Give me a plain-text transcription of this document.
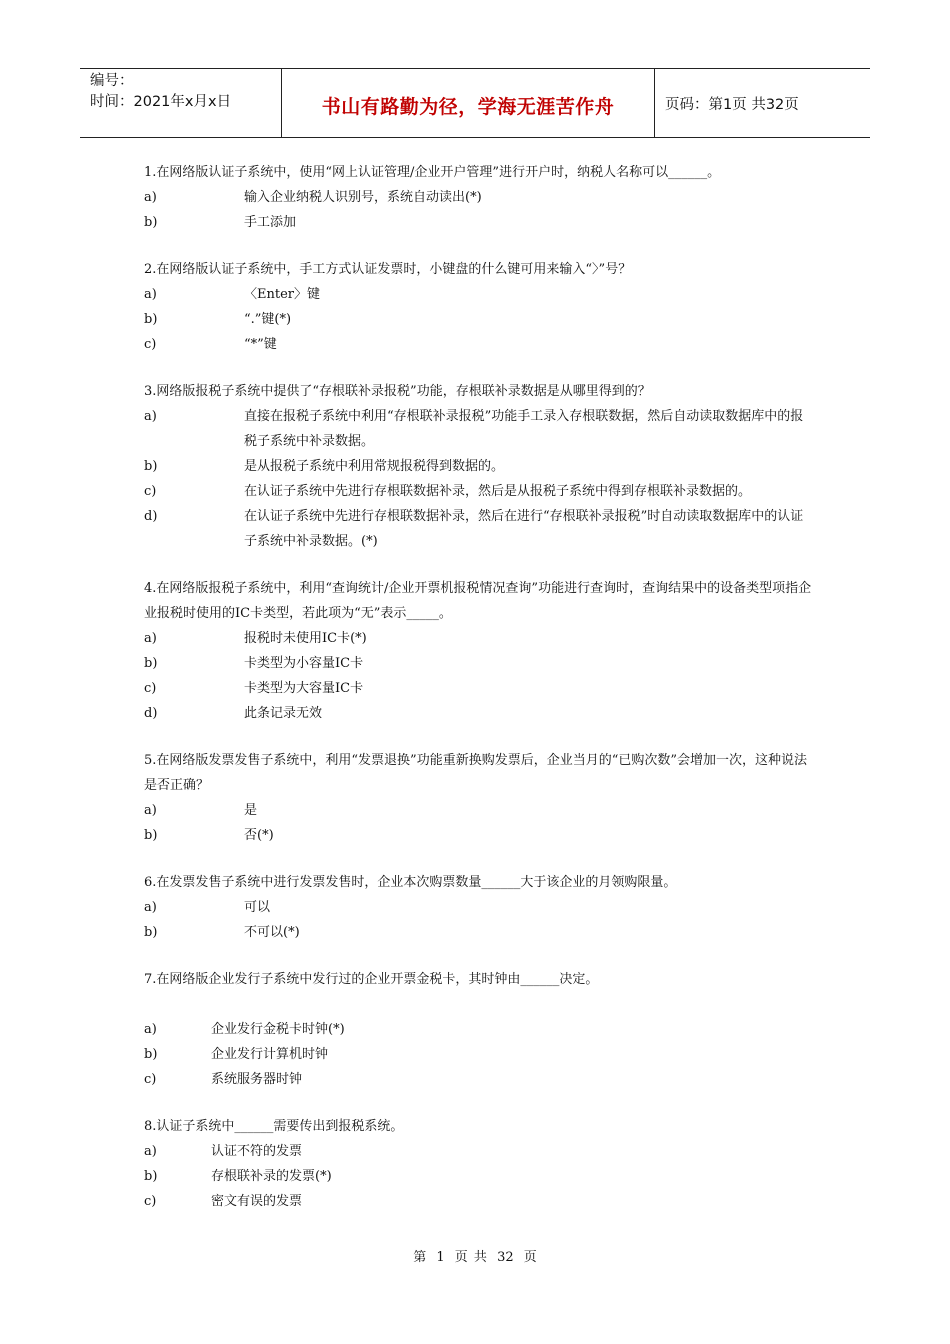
编号：
时间：2021年x月x日	书山有路勤为径，学海无涯苦作舟	页码：第1页 共32页
1.在网络版认证子系统中，使用“网上认证管理/企业开户管理”进行开户时，纳税人名称可以______。
a)	输入企业纳税人识别号，系统自动读出(*)
b)	手工添加
2.在网络版认证子系统中，手工方式认证发票时，小键盘的什么键可用来输入“〉”号？
a)	〈Enter〉键
b)	“.”键(*)
c)	“*”键
3.网络版报税子系统中提供了“存根联补录报税”功能，存根联补录数据是从哪里得到的？
a)	直接在报税子系统中利用“存根联补录报税”功能手工录入存根联数据，然后自动读取数据库中的报税子系统中补录数据。
b)	是从报税子系统中利用常规报税得到数据的。
c)	在认证子系统中先进行存根联数据补录，然后是从报税子系统中得到存根联补录数据的。
d)	在认证子系统中先进行存根联数据补录，然后在进行“存根联补录报税”时自动读取数据库中的认证子系统中补录数据。(*)
4.在网络版报税子系统中，利用“查询统计/企业开票机报税情况查询”功能进行查询时，查询结果中的设备类型项指企业报税时使用的IC卡类型，若此项为“无”表示_____。
a)	报税时未使用IC卡(*)
b)	卡类型为小容量IC卡
c)	卡类型为大容量IC卡
d)	此条记录无效
5.在网络版发票发售子系统中，利用“发票退换”功能重新换购发票后，企业当月的“已购次数”会增加一次，这种说法是否正确？
a)	是
b)	否(*)
6.在发票发售子系统中进行发票发售时，企业本次购票数量______大于该企业的月领购限量。
a)	可以
b)	不可以(*)
7.在网络版企业发行子系统中发行过的企业开票金税卡，其时钟由______决定。
a)	企业发行金税卡时钟(*)
b)	企业发行计算机时钟
c)	系统服务器时钟
8.认证子系统中______需要传出到报税系统。
a)	认证不符的发票
b)	存根联补录的发票(*)
c)	密文有误的发票
第 1 页 共 32 页
